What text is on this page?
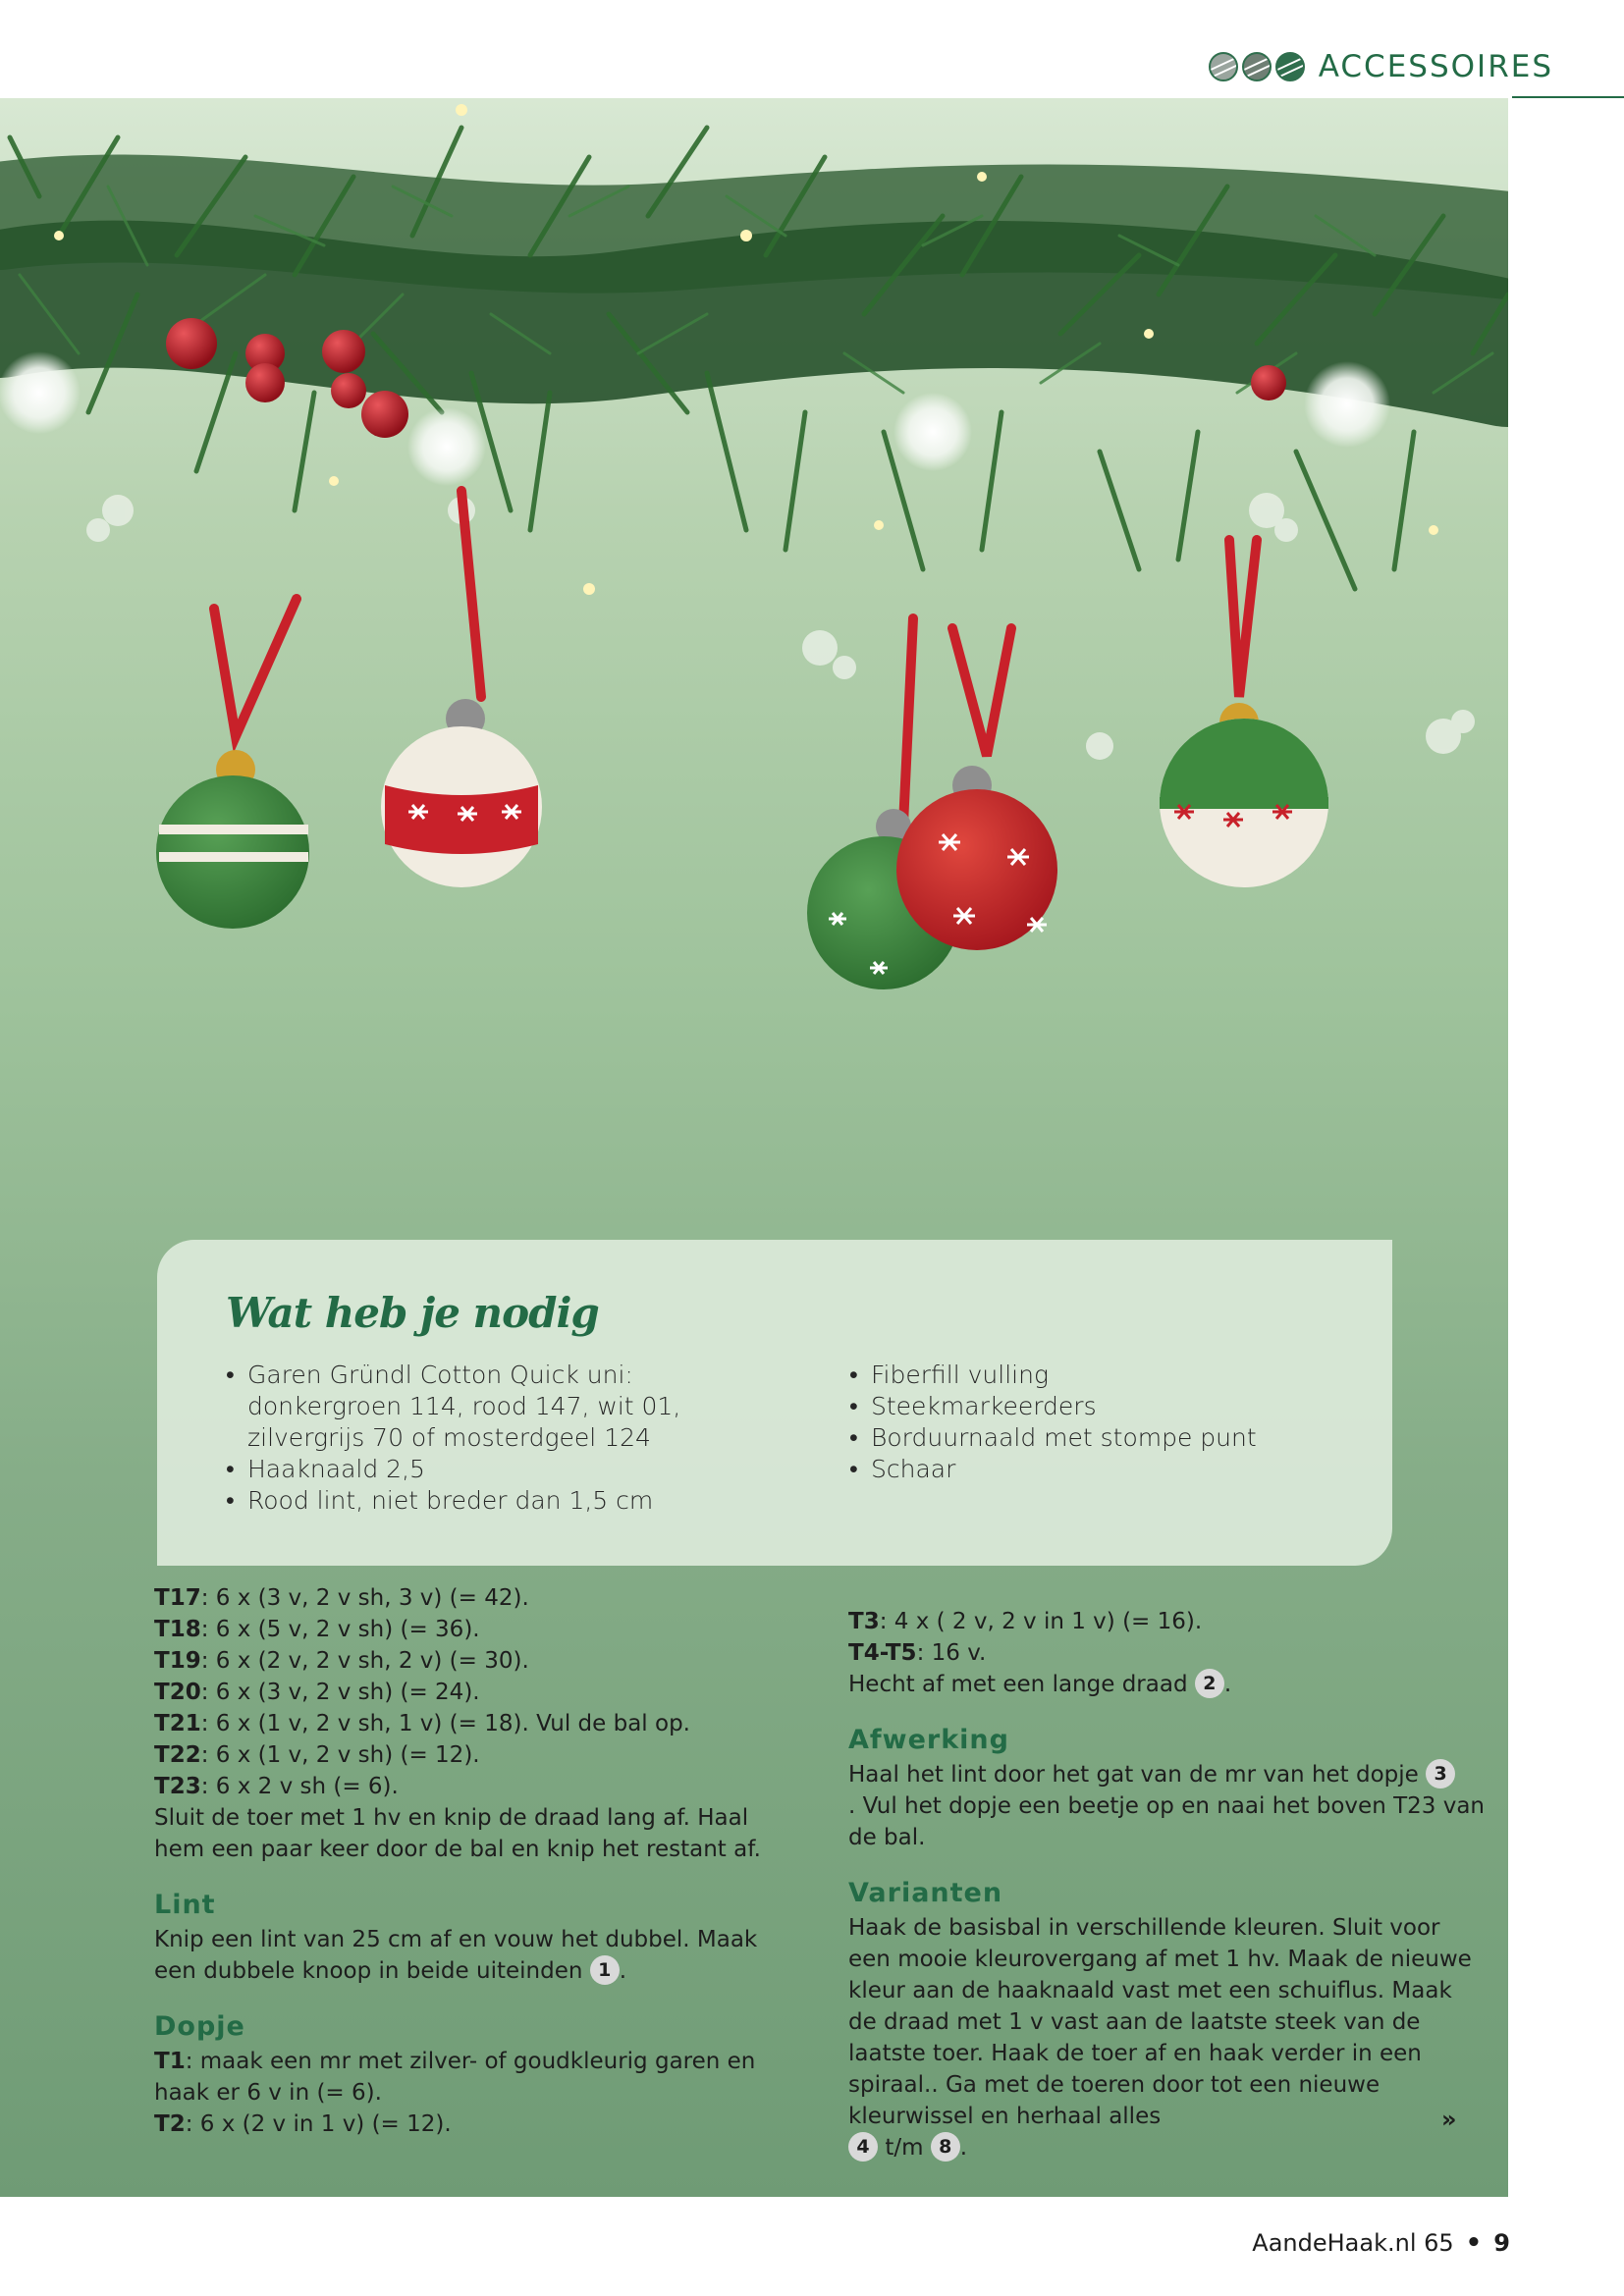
ACCESSOIRES
Wat heb je nodig
• Garen Gründl Cotton Quick uni: donkergroen 114, rood 147, wit 01, zilvergrijs 70 of mosterdgeel 124
• Haaknaald 2,5
• Rood lint, niet breder dan 1,5 cm
• Fiberfill vulling
• Steekmarkeerders
• Borduurnaald met stompe punt
• Schaar

T17: 6 x (3 v, 2 v sh, 3 v) (= 42).

T18: 6 x (5 v, 2 v sh) (= 36).

T19: 6 x (2 v, 2 v sh, 2 v) (= 30).

T20: 6 x (3 v, 2 v sh) (= 24).

T21: 6 x (1 v, 2 v sh, 1 v) (= 18). Vul de bal op.

T22: 6 x (1 v, 2 v sh) (= 12).

T23: 6 x 2 v sh (= 6).

Sluit de toer met 1 hv en knip de draad lang af. Haal hem een paar keer door de bal en knip het restant af.

Lint

Knip een lint van 25 cm af en vouw het dubbel. Maak een dubbele knoop in beide uiteinden 1 .

Dopje

T1: maak een mr met zilver- of goudkleurig garen en haak er 6 v in (= 6).

T2: 6 x (2 v in 1 v) (= 12).

T3: 4 x ( 2 v, 2 v in 1 v) (= 16).

T4-T5: 16 v.

Hecht af met een lange draad 2 .

Afwerking

Haal het lint door het gat van de mr van het dopje 3
. Vul het dopje een beetje op en naai het boven T23 van de bal.

Varianten

Haak de basisbal in verschillende kleuren. Sluit voor een mooie kleurovergang af met 1 hv. Maak de nieuwe kleur aan de haaknaald vast met een schuiflus. Maak de draad met 1 v vast aan de laatste steek van de laatste toer. Haak de toer af en haak verder in een spiraal.. Ga met de toeren door tot een nieuwe kleurwissel en herhaal alles
4 t/m 8 .

»
AandeHaak.nl 65 • 9
